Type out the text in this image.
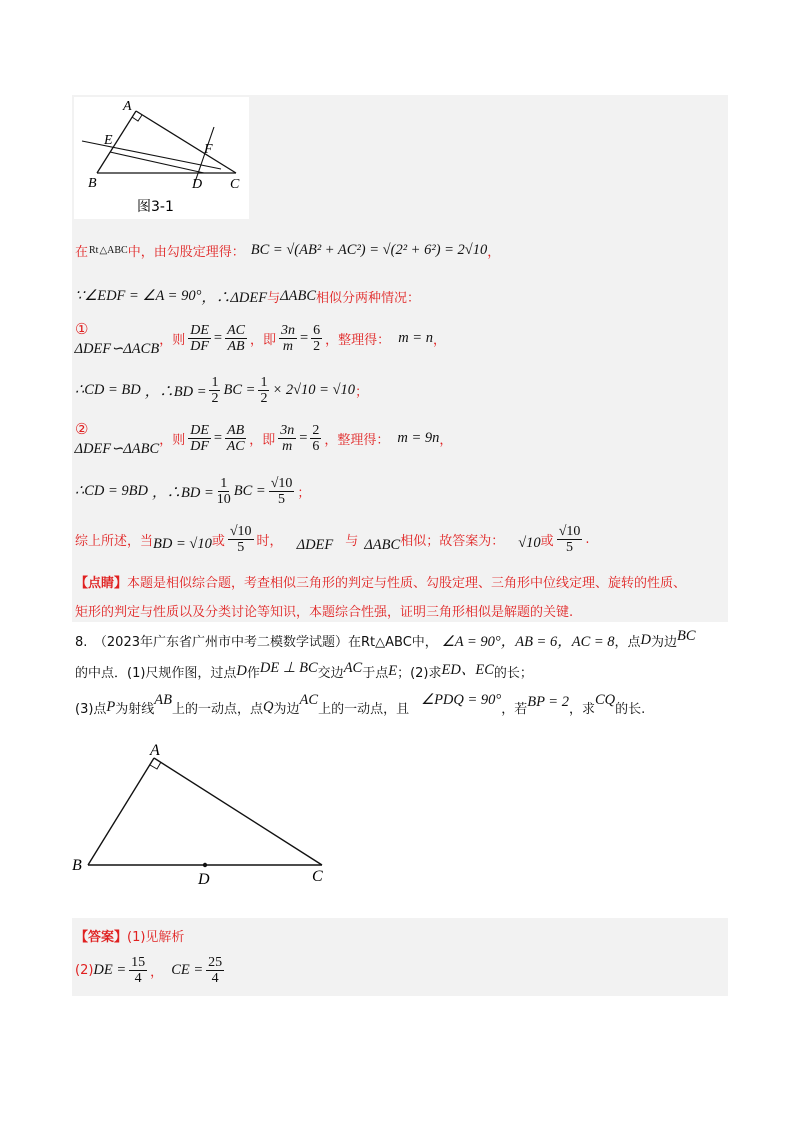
A
E
F
B	D C
图3-1
在 Rt △ABC 中，由勾股定理得： BC = √(AB² + AC²) = √(2² + 6²) = 2√10 ，
∵∠EDF = ∠A = 90° ，∴ΔDEF 与 ΔABC 相似分两种情况：
①
ΔDEF∽ΔACB
，则 $\frac{DE}{DF} = \frac{AC}{AB}$ ，即 $\frac{3n}{m} = \frac{6}{2}$ ，整理得： m = n ，
∴CD = BD ，∴BD = $\frac{1}{2}$ BC = $\frac{1}{2} \times 2√10 = √10$ ；
②
ΔDEF∽ΔABC
，则 $\frac{DE}{DF} = \frac{AB}{AC}$ ，即 $\frac{3n}{m} = \frac{2}{6}$ ，整理得： m = 9n ，
∴CD = 9BD ，∴BD = $\frac{1}{10}$ BC = $\frac{√10}{5}$ ；
综上所述，当 BD = √10 或 $\frac{√10}{5}$ 时， ΔDEF 与 ΔABC 相似；故答案为： √10 或 $\frac{√10}{5}$ .
【点睛】 本题是相似综合题，考查相似三角形的判定与性质、勾股定理、三角形中位线定理、旋转的性质、
矩形的判定与性质以及分类讨论等知识，本题综合性强，证明三角形相似是解题的关键.
8.　（2023年广东省广州市中考二模数学试题）在Rt△ABC中， ∠A = 90°，AB = 6，AC = 8 ，点 D 为边 BC
的中点．(1)尺规作图，过点 D 作 DE ⊥ BC 交边 AC 于点 E ；(2)求 ED、EC 的长；
(3)点 P 为射线
AB
上的一动点，点 Q 为边
AC
上的一动点，且
∠PDQ = 90°
，若 BP = 2 ，求
CQ
的长.
A
B
D	C
【答案】 (1)见解析
(2) DE = $\frac{15}{4}$ ， CE = $\frac{25}{4}$
